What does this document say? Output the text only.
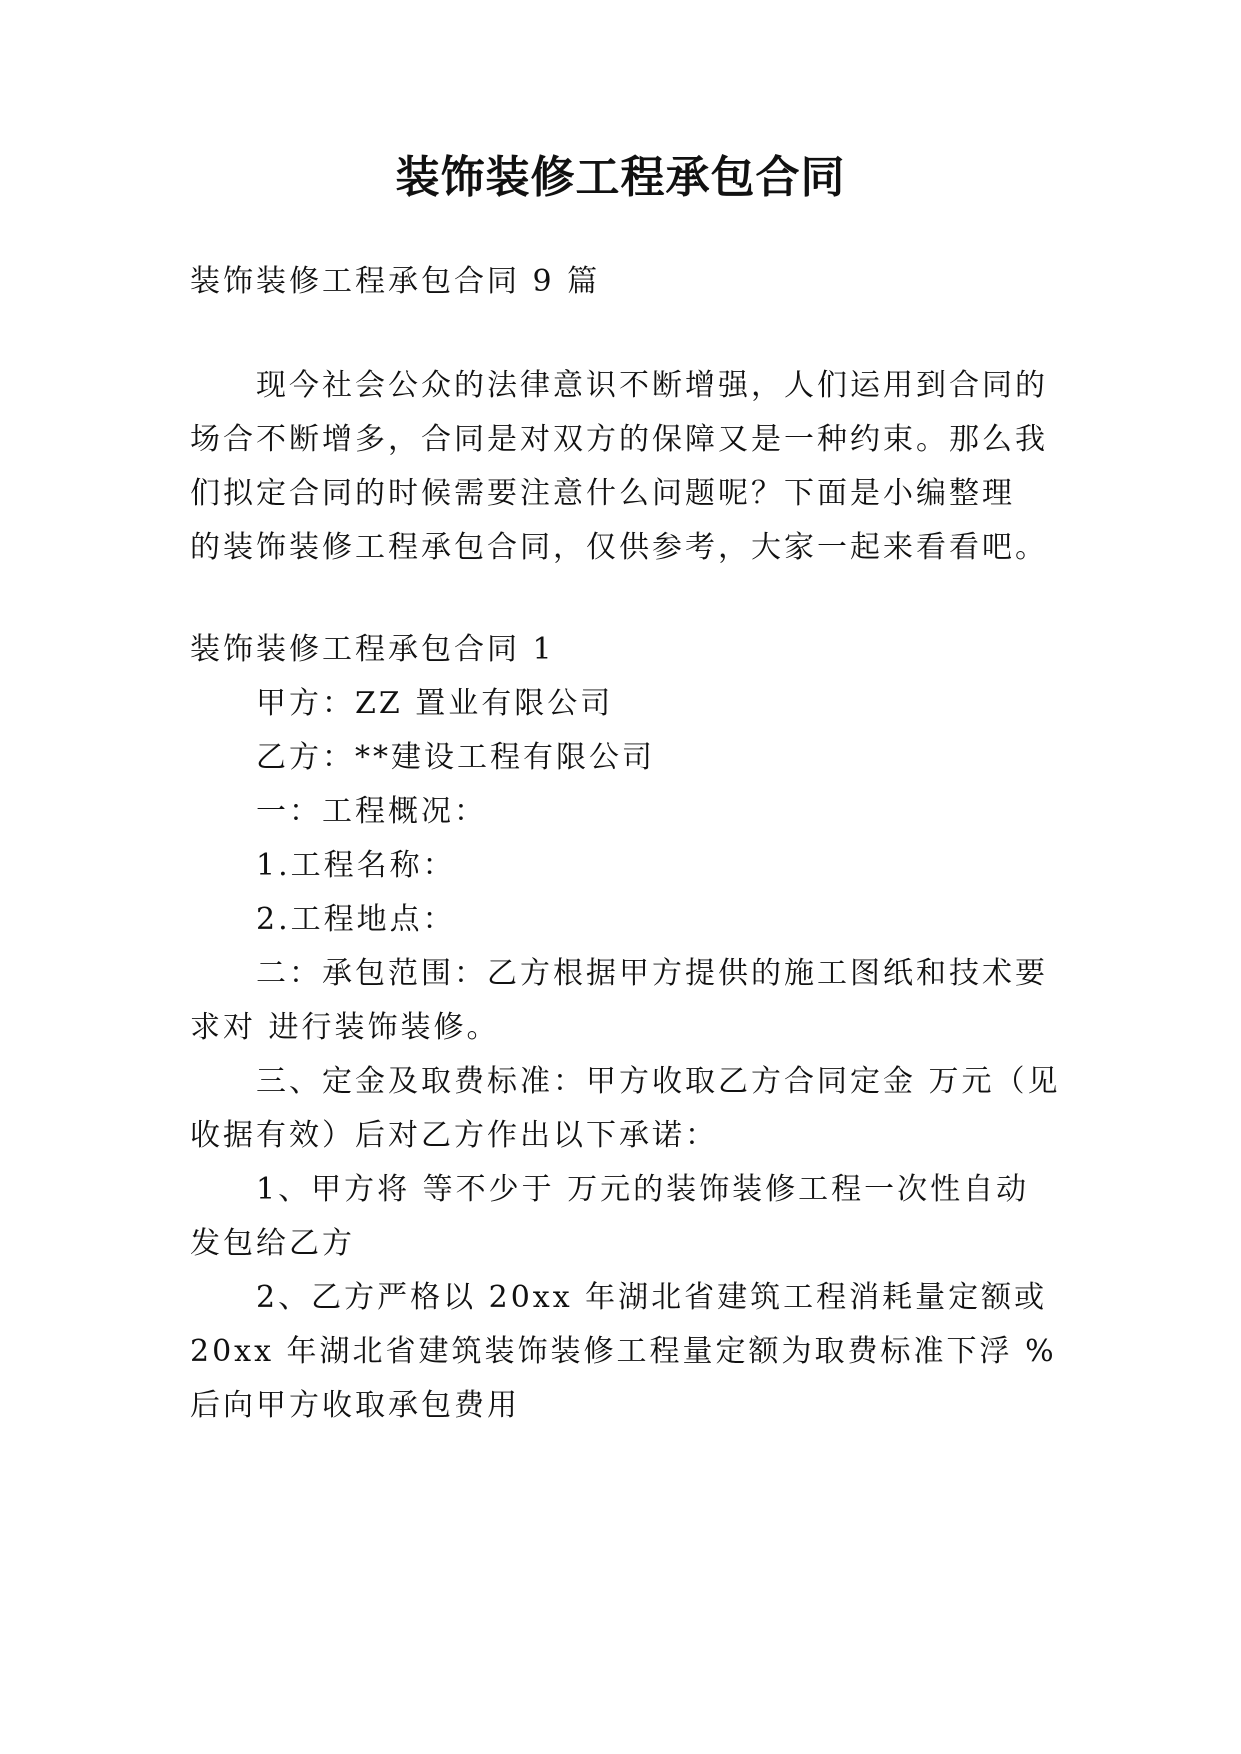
装饰装修工程承包合同
装饰装修工程承包合同 9 篇
现今社会公众的法律意识不断增强，人们运用到合同的
场合不断增多，合同是对双方的保障又是一种约束。那么我
们拟定合同的时候需要注意什么问题呢？下面是小编整理
的装饰装修工程承包合同，仅供参考，大家一起来看看吧。
装饰装修工程承包合同 1
甲方：ZZ 置业有限公司
乙方：**建设工程有限公司
一：工程概况：
1.工程名称：
2.工程地点：
二：承包范围：乙方根据甲方提供的施工图纸和技术要
求对 进行装饰装修。
三、定金及取费标准：甲方收取乙方合同定金 万元（见
收据有效）后对乙方作出以下承诺：
1、甲方将 等不少于 万元的装饰装修工程一次性自动
发包给乙方
2、乙方严格以 20xx 年湖北省建筑工程消耗量定额或
20xx 年湖北省建筑装饰装修工程量定额为取费标准下浮 %
后向甲方收取承包费用
